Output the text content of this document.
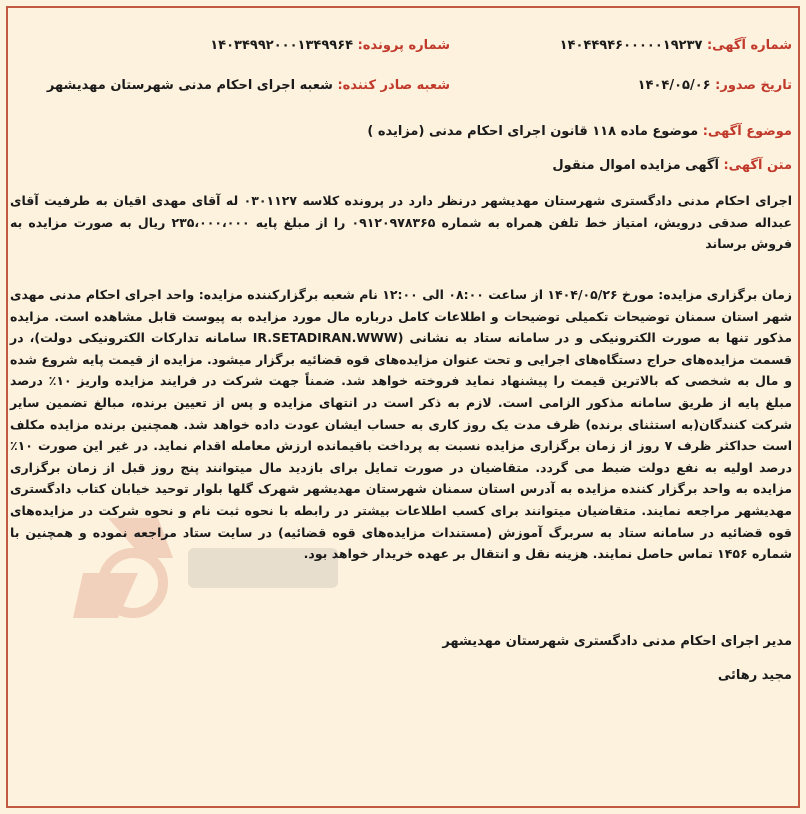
شماره آگهی: ۱۴۰۴۴۹۴۶۰۰۰۰۰۱۹۲۳۷
شماره پرونده: ۱۴۰۳۴۹۹۲۰۰۰۱۳۴۹۹۶۴
تاریخ صدور: ۱۴۰۴/۰۵/۰۶
شعبه صادر کننده: شعبه اجرای احکام مدنی شهرستان مهدیشهر
موضوع آگهی: موضوع ماده ۱۱۸ قانون اجرای احکام مدنی (مزایده )
متن آگهی: آگهی مزایده اموال منقول
اجرای احکام مدنی دادگستری شهرستان مهدیشهر درنظر دارد در پرونده کلاسه ۰۳۰۱۱۲۷ له آقای مهدی اقیان به طرفیت آقای عبداله صدقی درویش، امتیاز خط تلفن همراه به شماره ۰۹۱۲۰۹۷۸۳۶۵ را از مبلغ پایه ۲۳۵،۰۰۰،۰۰۰ ریال به صورت مزایده به فروش برساند
زمان برگزاری مزایده: مورخ ۱۴۰۴/۰۵/۲۶ از ساعت ۰۸:۰۰ الی ۱۲:۰۰ نام شعبه برگزارکننده مزایده: واحد اجرای احکام مدنی مهدی شهر استان سمنان توضیحات تکمیلی توضیحات و اطلاعات کامل درباره مال مورد مزایده به پیوست قابل مشاهده است. مزایده مذکور تنها به صورت الکترونیکی و در سامانه ستاد به نشانی (IR.SETADIRAN.WWW سامانه تدارکات الکترونیکی دولت)، در قسمت مزایده‌های حراج دستگاه‌های اجرایی و تحت عنوان مزایده‌های قوه قضائیه برگزار میشود. مزایده از قیمت پایه شروع شده و مال به شخصی که بالاترین قیمت را پیشنهاد نماید فروخته خواهد شد. ضمناً جهت شرکت در فرایند مزایده واریز ۱۰٪ درصد مبلغ پایه از طریق سامانه مذکور الزامی است. لازم به ذکر است در انتهای مزایده و پس از تعیین برنده، مبالغ تضمین سایر شرکت کنندگان(به استثنای برنده) ظرف مدت یک روز کاری به حساب ایشان عودت داده خواهد شد. همچنین برنده مزایده مکلف است حداکثر ظرف ۷ روز از زمان برگزاری مزایده نسبت به پرداخت باقیمانده ارزش معامله اقدام نماید. در غیر این صورت ۱۰٪ درصد اولیه به نفع دولت ضبط می گردد. متقاضیان در صورت تمایل برای بازدید مال میتوانند پنج روز قبل از زمان برگزاری مزایده به واحد برگزار کننده مزایده به آدرس استان سمنان شهرستان مهدیشهر شهرک گلها بلوار توحید خیابان کتاب دادگستری مهدیشهر مراجعه نمایند. متقاضیان میتوانند برای کسب اطلاعات بیشتر در رابطه با نحوه ثبت نام و نحوه شرکت در مزایده‌های قوه قضائیه در سامانه ستاد به سربرگ آموزش (مستندات مزایده‌های قوه قضائیه) در سایت ستاد مراجعه نموده و همچنین با شماره ۱۴۵۶ تماس حاصل نمایند. هزینه نقل و انتقال بر عهده خریدار خواهد بود.
مدیر اجرای احکام مدنی دادگستری شهرستان مهدیشهر
مجید رهائی
